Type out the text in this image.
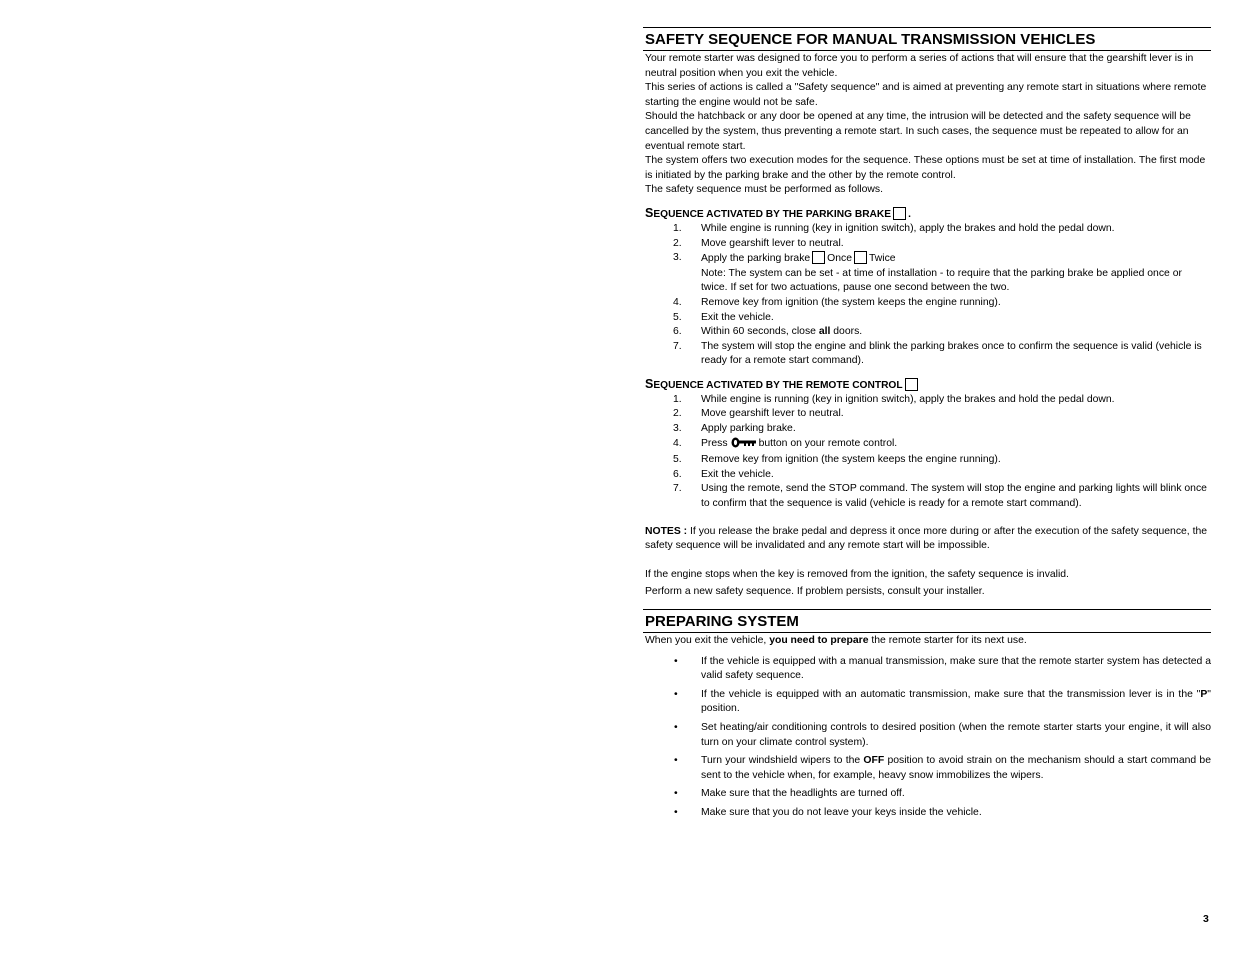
SAFETY SEQUENCE FOR MANUAL TRANSMISSION VEHICLES
Your remote starter was designed to force you to perform a series of actions that will ensure that the gearshift lever is in neutral position when you exit the vehicle.
This series of actions is called a "Safety sequence" and is aimed at preventing any remote start in situations where remote starting the engine would not be safe.
Should the hatchback or any door be opened at any time, the intrusion will be detected and the safety sequence will be cancelled by the system, thus preventing a remote start. In such cases, the sequence must be repeated to allow for an eventual remote start.
The system offers two execution modes for the sequence. These options must be set at time of installation. The first mode is initiated by the parking brake and the other by the remote control.
The safety sequence must be performed as follows.
SEQUENCE ACTIVATED BY THE PARKING BRAKE .
1. While engine is running (key in ignition switch), apply the brakes and hold the pedal down.
2. Move gearshift lever to neutral.
3. Apply the parking brake Once Twice
Note: The system can be set - at time of installation - to require that the parking brake be applied once or twice. If set for two actuations, pause one second between the two.
4. Remove key from ignition (the system keeps the engine running).
5. Exit the vehicle.
6. Within 60 seconds, close all doors.
7. The system will stop the engine and blink the parking brakes once to confirm the sequence is valid (vehicle is ready for a remote start command).
SEQUENCE ACTIVATED BY THE REMOTE CONTROL
1. While engine is running (key in ignition switch), apply the brakes and hold the pedal down.
2. Move gearshift lever to neutral.
3. Apply parking brake.
4. Press	button on your remote control.
5. Remove key from ignition (the system keeps the engine running).
6. Exit the vehicle.
7. Using the remote, send the STOP command. The system will stop the engine and parking lights will blink once to confirm that the sequence is valid (vehicle is ready for a remote start command).
NOTES : If you release the brake pedal and depress it once more during or after the execution of the safety sequence, the safety sequence will be invalidated and any remote start will be impossible.
If the engine stops when the key is removed from the ignition, the safety sequence is invalid.
Perform a new safety sequence. If problem persists, consult your installer.
PREPARING SYSTEM
When you exit the vehicle, you need to prepare the remote starter for its next use.
• If the vehicle is equipped with a manual transmission, make sure that the remote starter system has detected a valid safety sequence.
• If the vehicle is equipped with an automatic transmission, make sure that the transmission lever is in the "P" position.
• Set heating/air conditioning controls to desired position (when the remote starter starts your engine, it will also turn on your climate control system).
• Turn your windshield wipers to the OFF position to avoid strain on the mechanism should a start command be sent to the vehicle when, for example, heavy snow immobilizes the wipers.
• Make sure that the headlights are turned off.
• Make sure that you do not leave your keys inside the vehicle.
3
